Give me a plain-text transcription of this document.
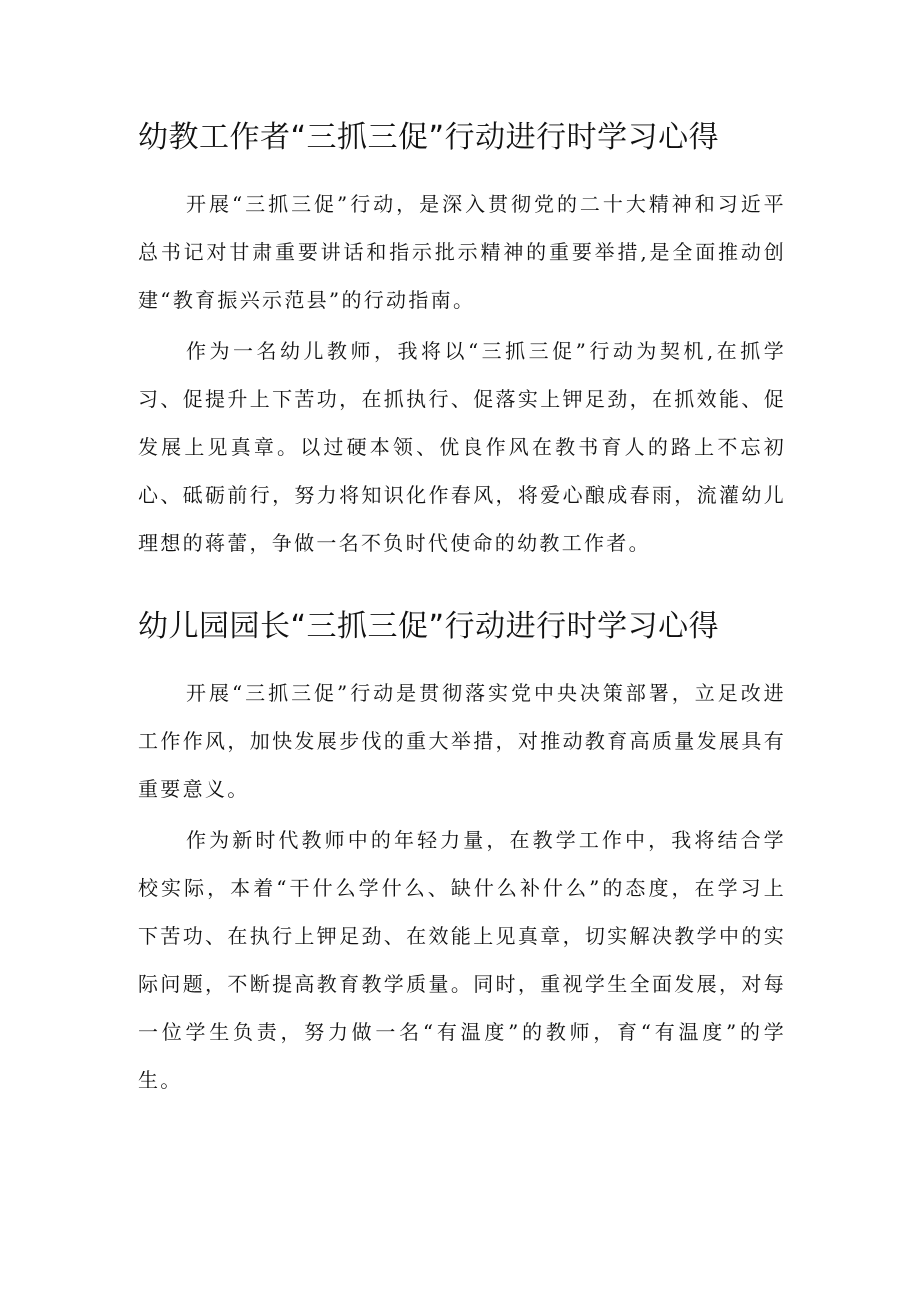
幼教工作者“三抓三促”行动进行时学习心得

开展“三抓三促”行动，是深入贯彻党的二十大精神和习近平总书记对甘肃重要讲话和指示批示精神的重要举措,是全面推动创建“教育振兴示范县”的行动指南。

作为一名幼儿教师，我将以“三抓三促”行动为契机,在抓学习、促提升上下苦功，在抓执行、促落实上钾足劲，在抓效能、促发展上见真章。以过硬本领、优良作风在教书育人的路上不忘初心、砥砺前行，努力将知识化作春风，将爱心酿成春雨，流灌幼儿理想的蒋蕾，争做一名不负时代使命的幼教工作者。

幼儿园园长“三抓三促”行动进行时学习心得

开展“三抓三促”行动是贯彻落实党中央决策部署，立足改进工作作风，加快发展步伐的重大举措，对推动教育高质量发展具有重要意义。

作为新时代教师中的年轻力量，在教学工作中，我将结合学校实际，本着“干什么学什么、缺什么补什么”的态度，在学习上下苦功、在执行上钾足劲、在效能上见真章，切实解决教学中的实际问题，不断提高教育教学质量。同时，重视学生全面发展，对每一位学生负责，努力做一名“有温度”的教师，育“有温度”的学生。
